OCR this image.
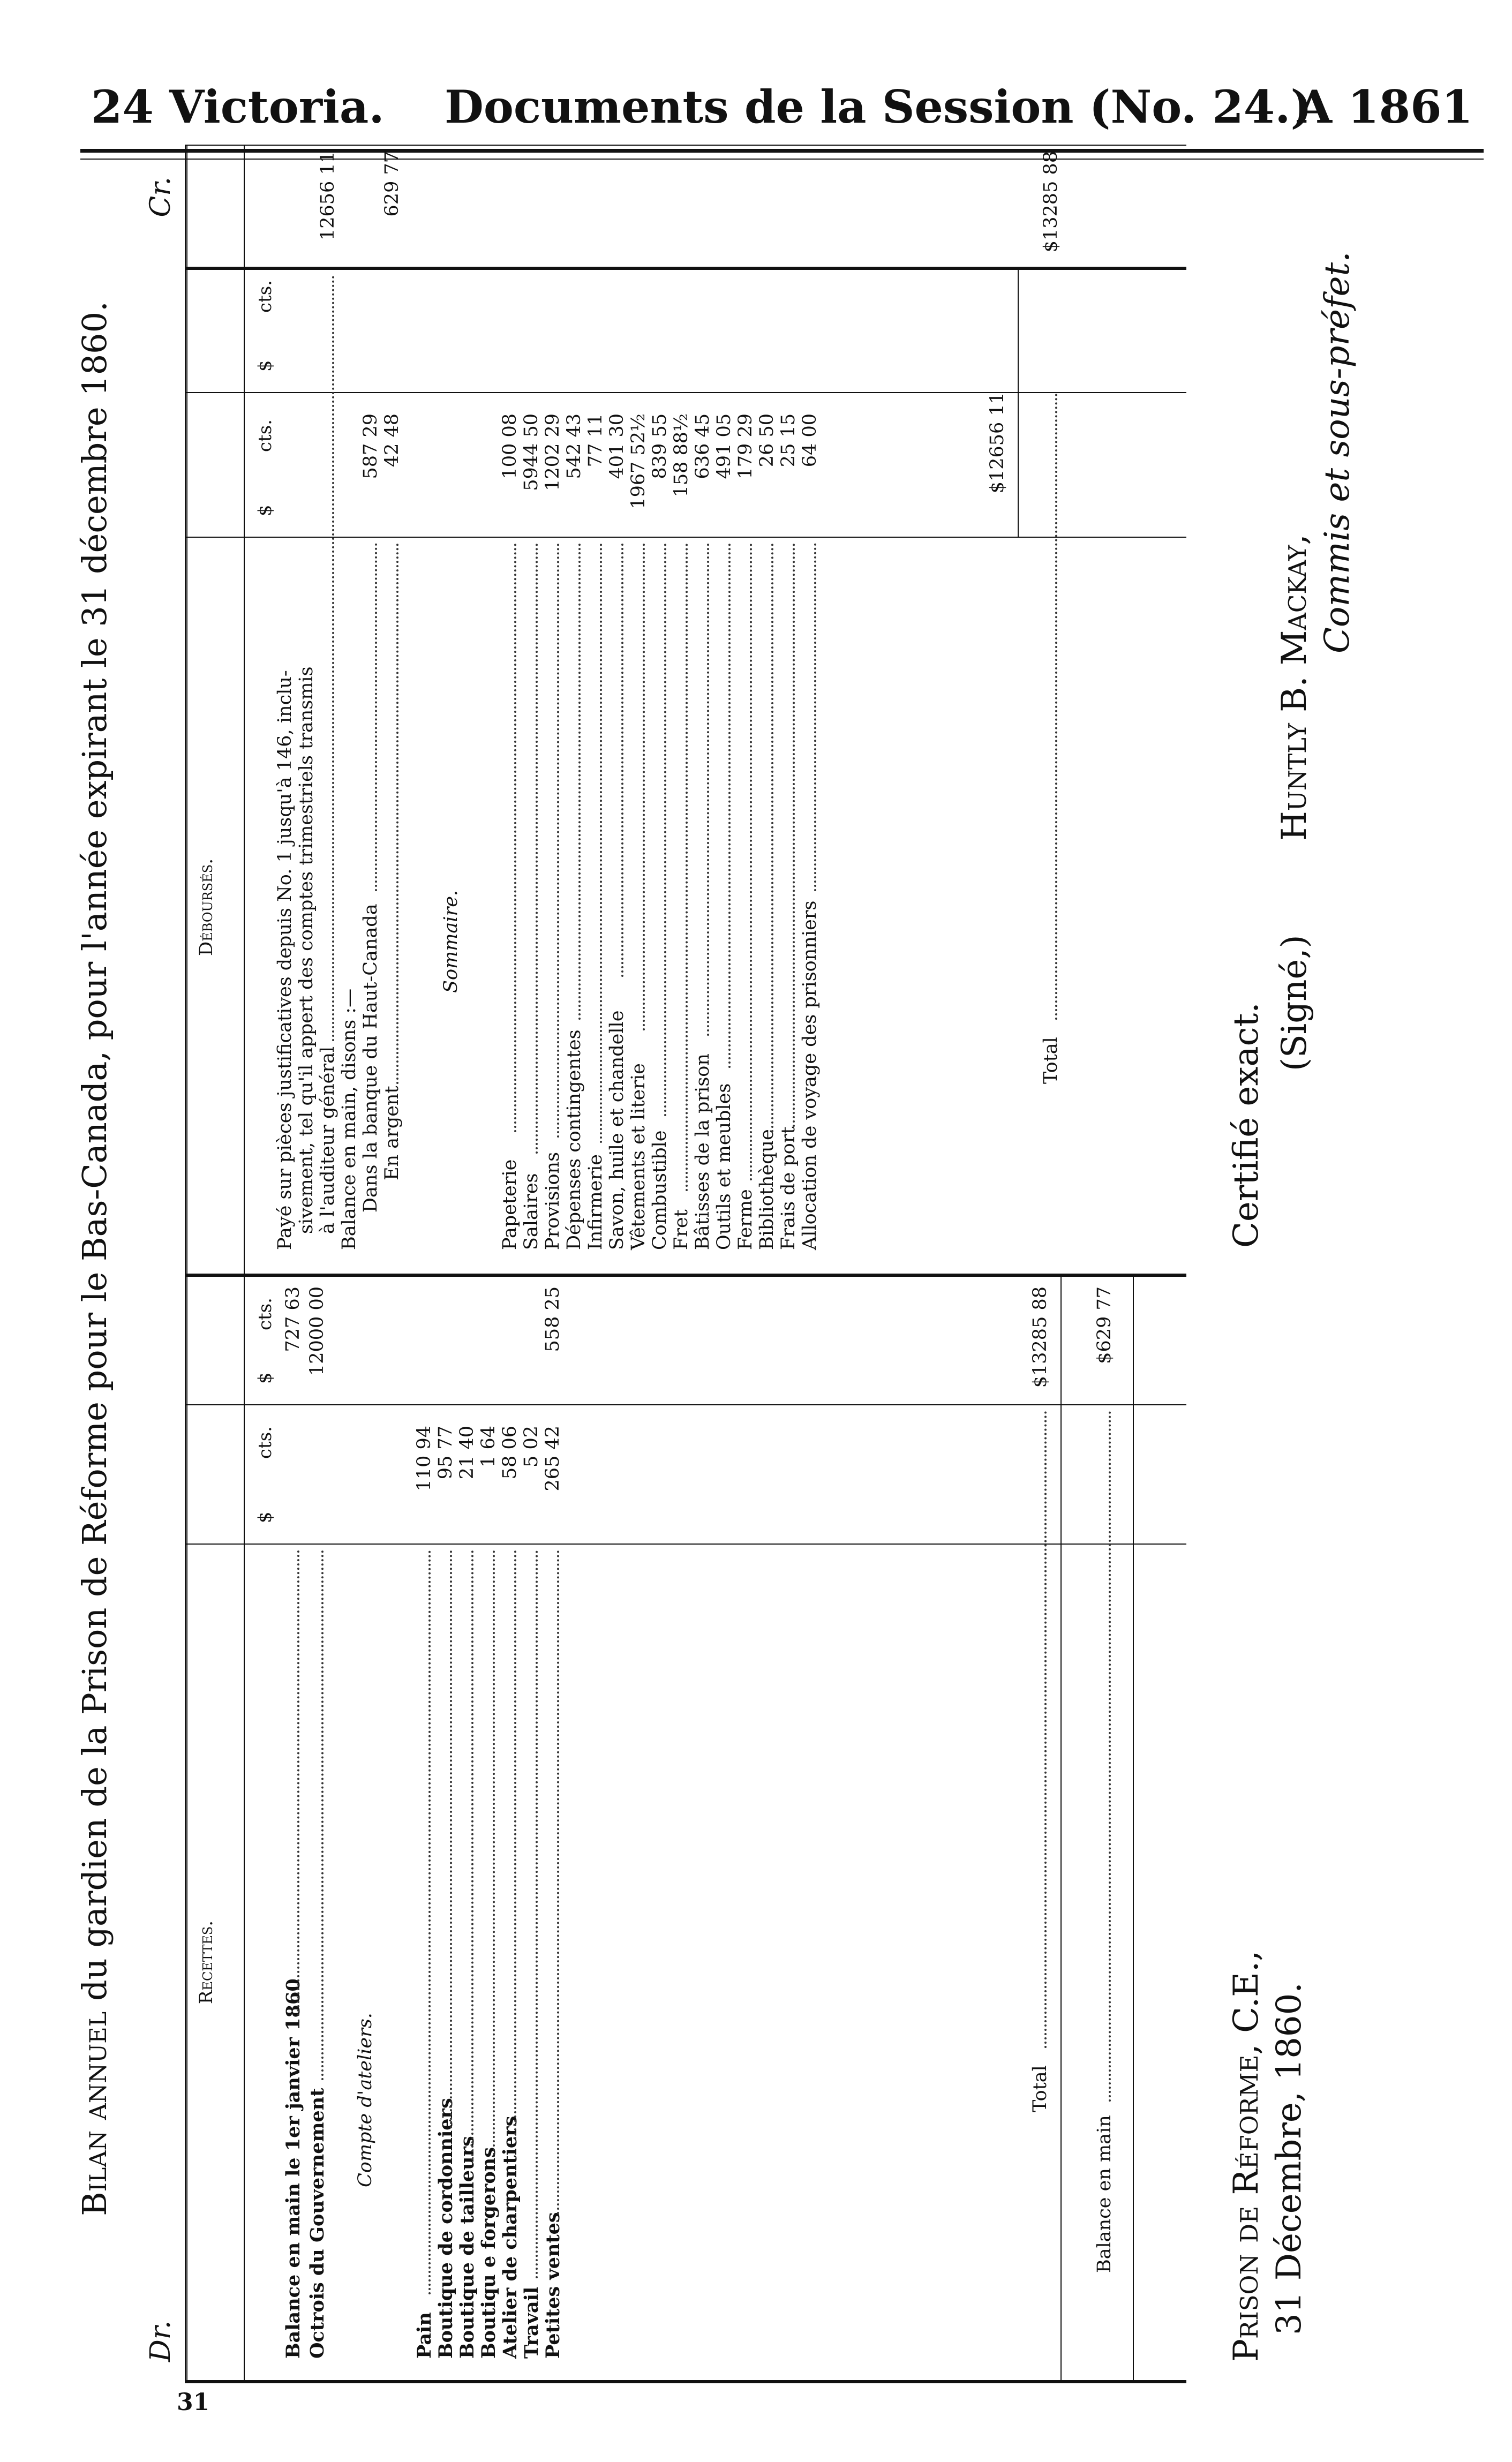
24 Victoria. Documents de la Session (No. 24.)
A 1861
Bilan annuel du gardien de la Prison de Réforme pour le Bas-Canada, pour l'année expirant le 31 décembre 1860.
Dr.
Cr.
Recettes.
$
cts.
$
cts.
Déboursés.
$
cts.
$
cts.
Balance en main le 1er janvier 1860
727 63
Octrois du Gouvernement
12000 00
Compte d'ateliers.
Pain
110 94
Boutique de cordonniers
95 77
Boutique de tailleurs
21 40
Boutiqu e forgerons
1 64
Atelier de charpentiers
58 06
Travail
5 02
Petites ventes
265 42
558 25
Total
$13285 88
Balance en main
$629 77
Payé sur pièces justificatives depuis No. 1 jusqu'à 146, inclu- sivement, tel qu'il appert des comptes trimestriels transmis à l'auditeur général
12656 11
Balance en main, disons :— Dans la banque du Haut-Canada
587 29
En argent
42 48
629 77
Sommaire.
Papeterie
100 08
Salaires
5944 50
Provisions
1202 29
Dépenses contingentes
542 43
Infirmerie
77 11
Savon, huile et chandelle
401 30
Vêtements et literie
1967 52½
Combustible
839 55
Fret
158 88½
Bâtisses de la prison
636 45
Outils et meubles
491 05
Ferme
179 29
Bibliothèque
26 50
Frais de port
25 15
Allocation de voyage des prisonniers
64 00	$12656 11
Total
$13285 88
Prison de Réforme, C.E., 31 Décembre, 1860.
Certifié exact. (Signé,)
Huntly B. Mackay,
Commis et sous-préfet.
31
